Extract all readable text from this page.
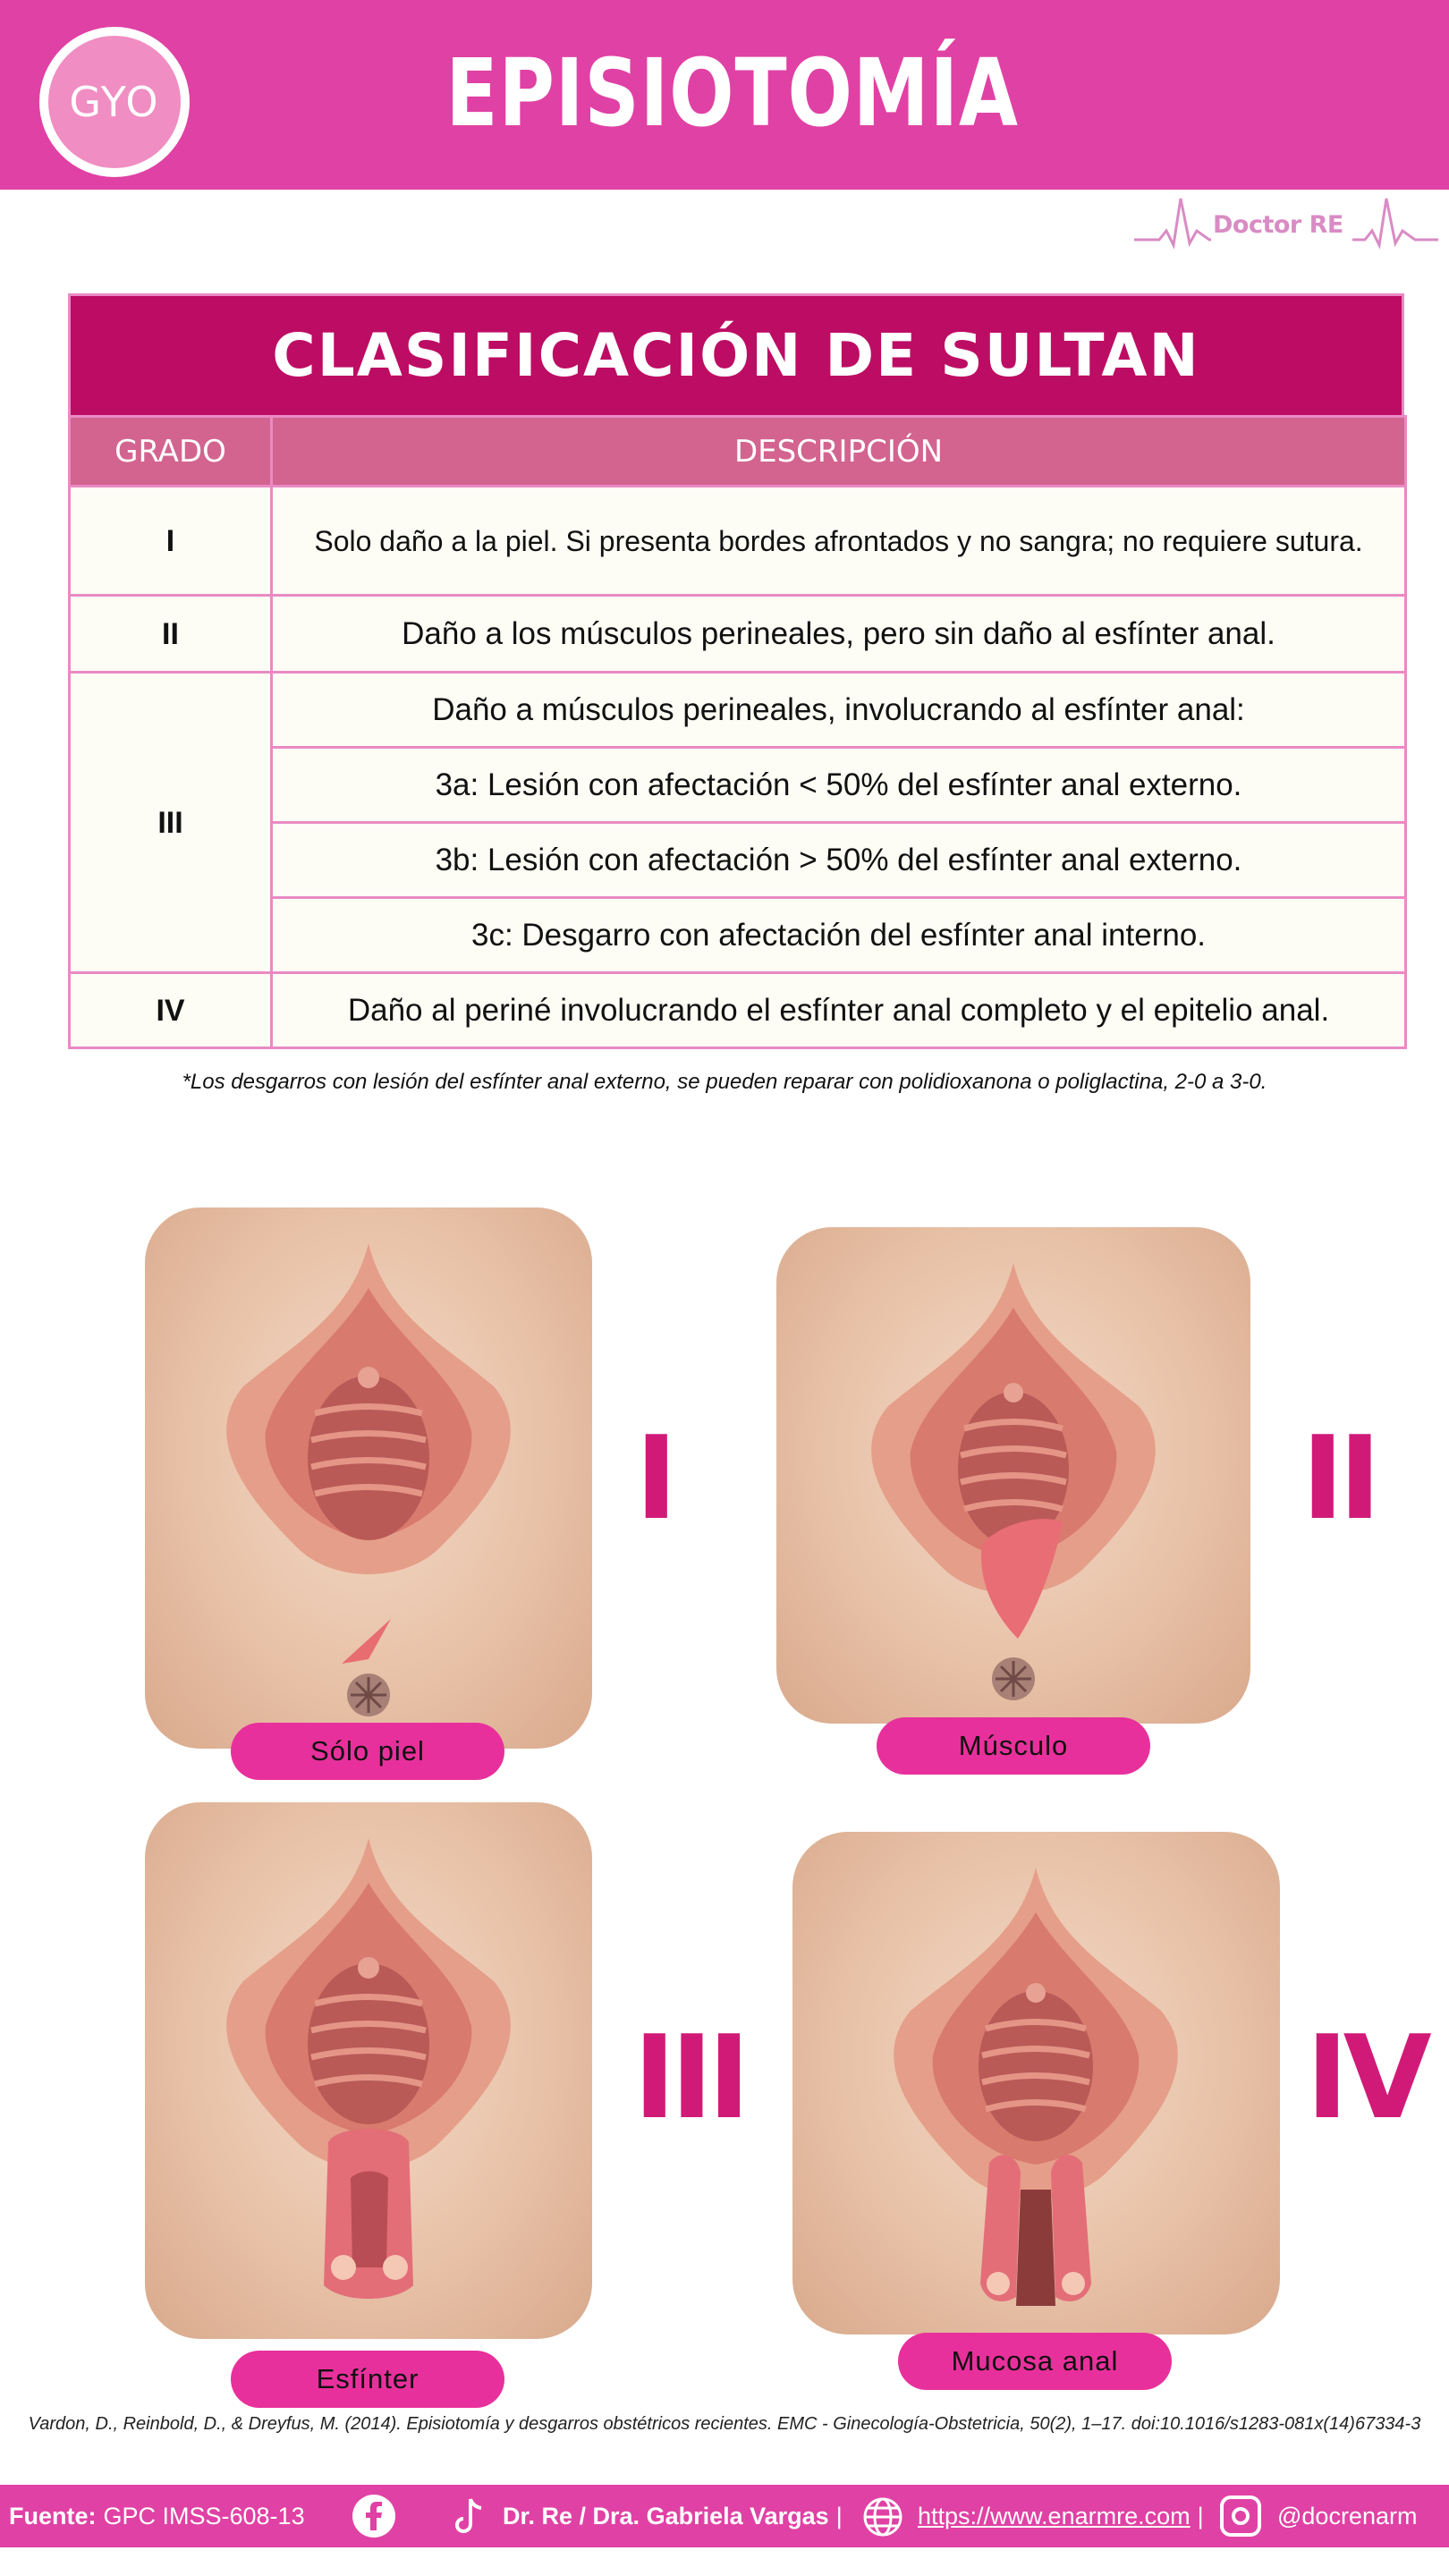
GYO	EPISIOTOMÍA
Doctor RE
CLASIFICACIÓN DE SULTAN
GRADO	DESCRIPCIÓN
I	Solo daño a la piel. Si presenta bordes afrontados y no sangra; no requiere sutura.
II	Daño a los músculos perineales, pero sin daño al esfínter anal.
III	Daño a músculos perineales, involucrando al esfínter anal:
	3a: Lesión con afectación < 50% del esfínter anal externo.
	3b: Lesión con afectación > 50% del esfínter anal externo.
	3c: Desgarro con afectación del esfínter anal interno.
IV	Daño al periné involucrando el esfínter anal completo y el epitelio anal.
*Los desgarros con lesión del esfínter anal externo, se pueden reparar con polidioxanona o poliglactina, 2-0 a 3-0.
I
Sólo piel
II
Músculo
III
Esfínter
IV
Mucosa anal
Vardon, D., Reinbold, D., & Dreyfus, M. (2014). Episiotomía y desgarros obstétricos recientes. EMC - Ginecología-Obstetricia, 50(2), 1–17. doi:10.1016/s1283-081x(14)67334-3
Fuente: GPC IMSS-608-13	Dr. Re / Dra. Gabriela Vargas |	https://www.enarmre.com |	@docrenarm
